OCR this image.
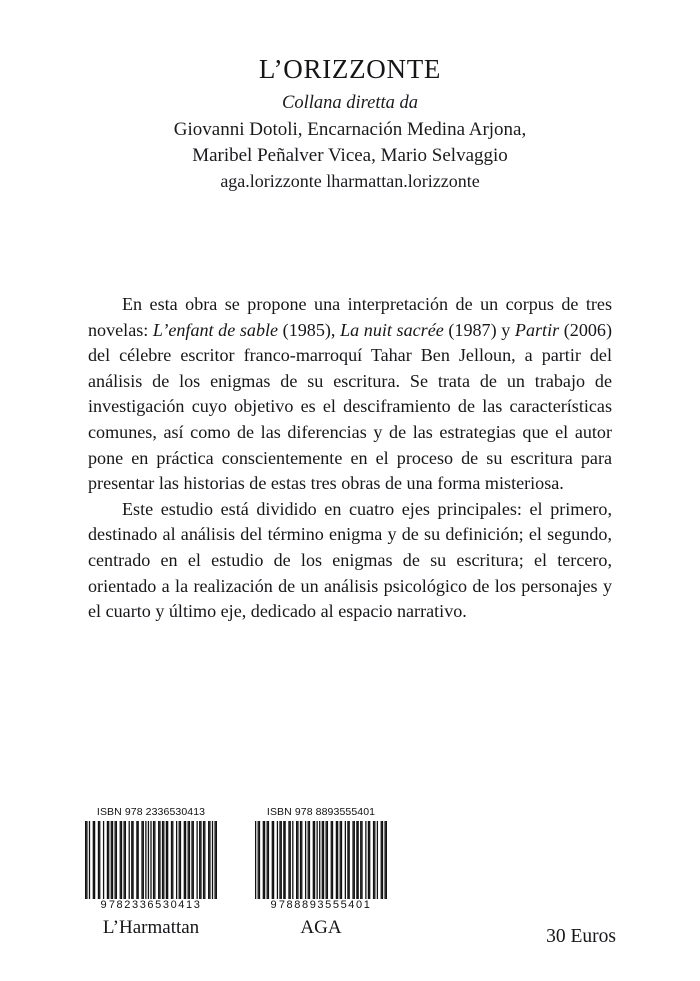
L’ORIZZONTE

Collana diretta da

Giovanni Dotoli, Encarnación Medina Arjona,

Maribel Peñalver Vicea, Mario Selvaggio

aga.lorizzonte lharmattan.lorizzonte

En esta obra se propone una interpretación de un corpus de tres novelas: L’enfant de sable (1985), La nuit sacrée (1987) y Partir (2006) del célebre escritor franco-marroquí Tahar Ben Jelloun, a partir del análisis de los enigmas de su escritura. Se trata de un trabajo de investigación cuyo objetivo es el desciframiento de las características comunes, así como de las diferencias y de las estrategias que el autor pone en práctica conscientemente en el proceso de su escritura para presentar las historias de estas tres obras de una forma misteriosa.

Este estudio está dividido en cuatro ejes principales: el primero, destinado al análisis del término enigma y de su definición; el segundo, centrado en el estudio de los enigmas de su escritura; el tercero, orientado a la realización de un análisis psicológico de los personajes y el cuarto y último eje, dedicado al espacio narrativo.

ISBN 978 2336530413

9 782336530413

L’Harmattan

ISBN 978 8893555401

9 788893555401

AGA	30 Euros
